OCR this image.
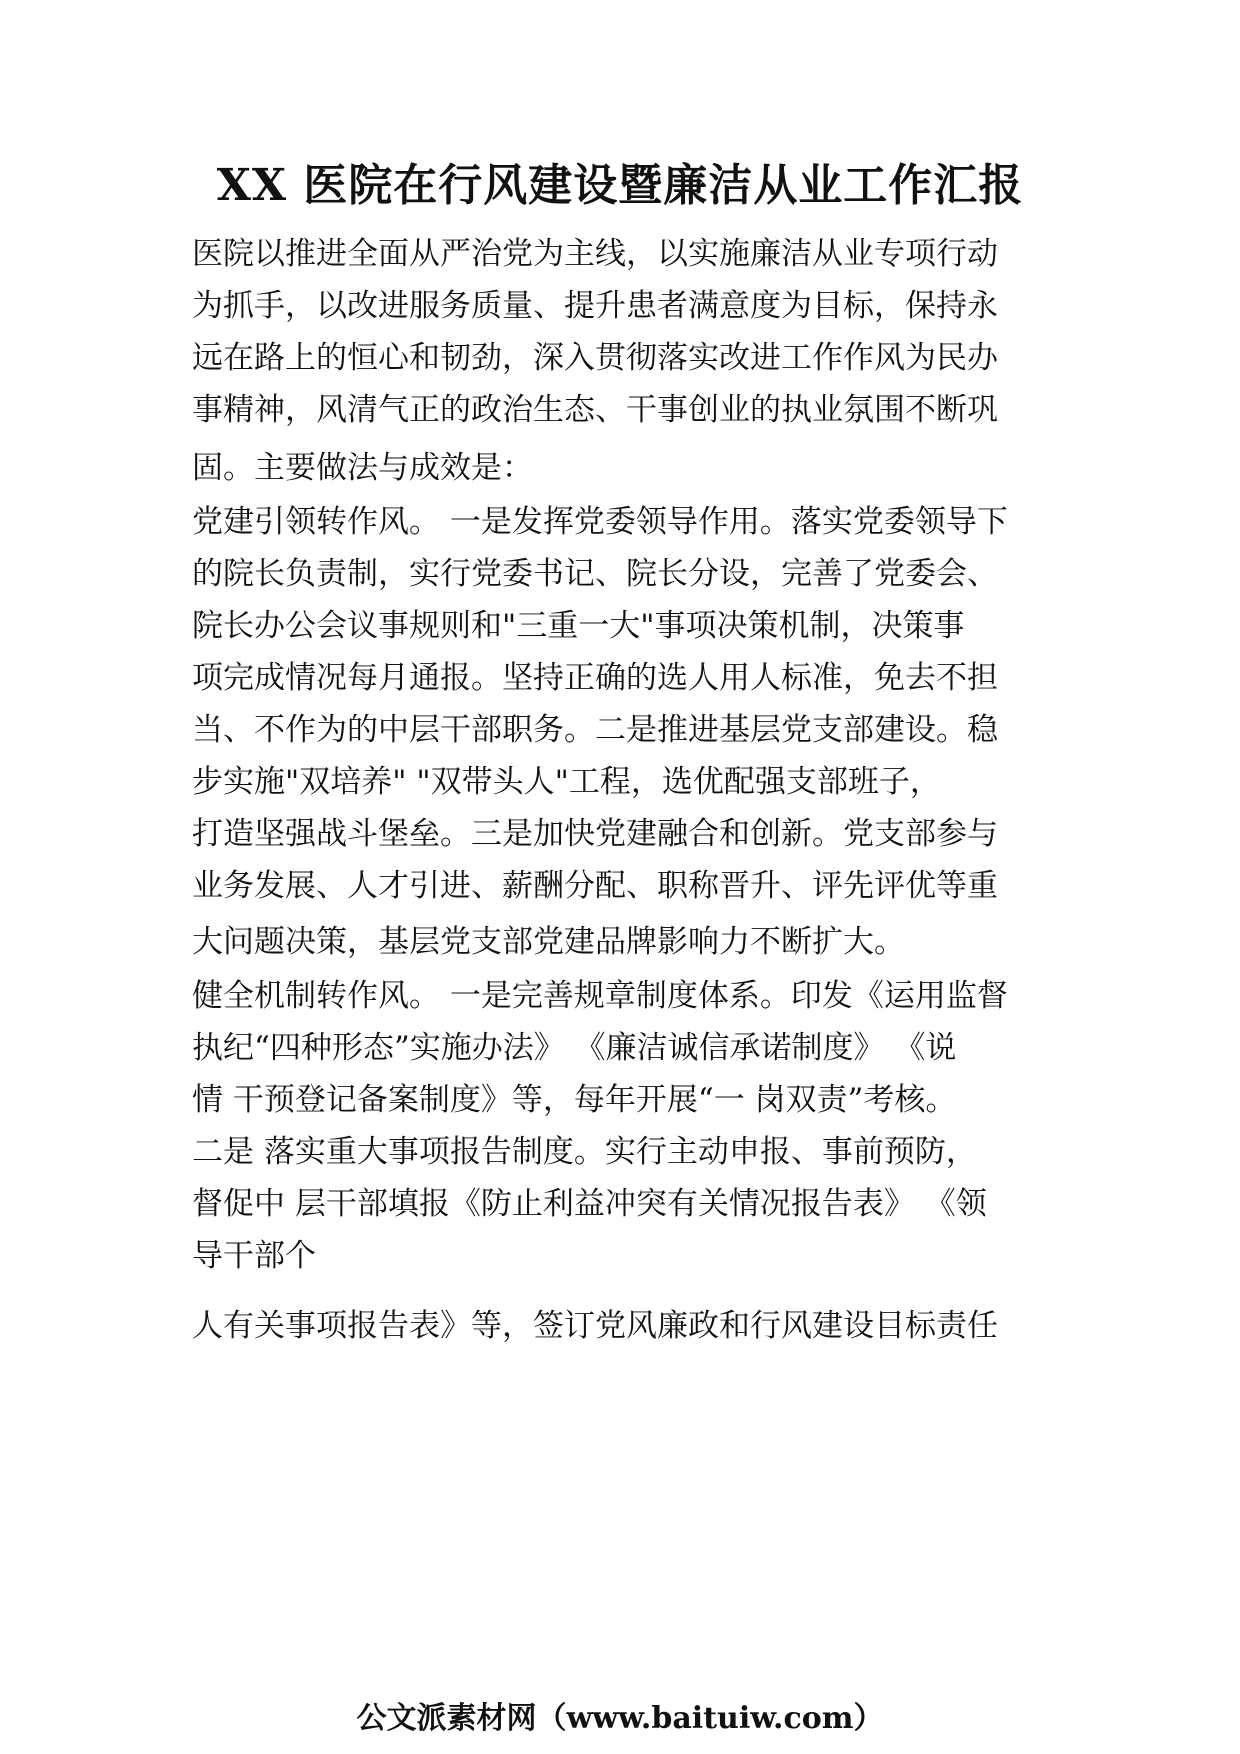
XX 医院在行风建设暨廉洁从业工作汇报
医院以推进全面从严治党为主线，以实施廉洁从业专项行动
为抓手，以改进服务质量、提升患者满意度为目标，保持永
远在路上的恒心和韧劲，深入贯彻落实改进工作作风为民办
事精神，风清气正的政治生态、干事创业的执业氛围不断巩
固。主要做法与成效是：
党建引领转作风。 一是发挥党委领导作用。落实党委领导下
的院长负责制，实行党委书记、院长分设，完善了党委会、
院长办公会议事规则和"三重一大"事项决策机制，决策事
项完成情况每月通报。坚持正确的选人用人标准，免去不担
当、不作为的中层干部职务。二是推进基层党支部建设。稳
步实施"双培养" "双带头人"工程，选优配强支部班子，
打造坚强战斗堡垒。三是加快党建融合和创新。党支部参与
业务发展、人才引进、薪酬分配、职称晋升、评先评优等重
大问题决策，基层党支部党建品牌影响力不断扩大。
健全机制转作风。 一是完善规章制度体系。印发《运用监督
执纪“四种形态”实施办法》 《廉洁诚信承诺制度》 《说
情 干预登记备案制度》等，每年开展“一 岗双责”考核。
二是 落实重大事项报告制度。实行主动申报、事前预防，
督促中 层干部填报《防止利益冲突有关情况报告表》 《领
导干部个
人有关事项报告表》等，签订党风廉政和行风建设目标责任
公文派素材网（www.baituiw.com）
